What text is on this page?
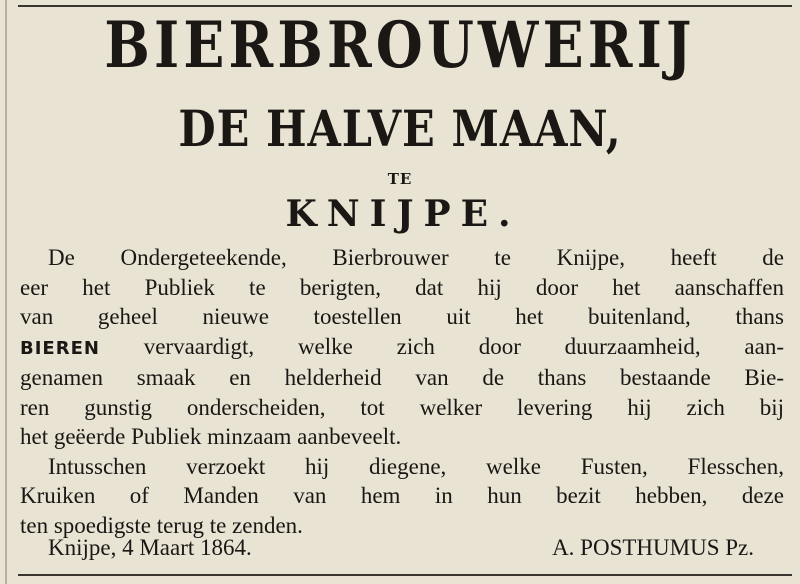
BIERBROUWERIJ
DE HALVE MAAN,
TE
KNIJPE.
De Ondergeteekende, Bierbrouwer te Knijpe, heeft de
eer het Publiek te berigten, dat hij door het aanschaffen
van geheel nieuwe toestellen uit het buitenland, thans
BIEREN vervaardigt, welke zich door duurzaamheid, aan-
genamen smaak en helderheid van de thans bestaande Bie-
ren gunstig onderscheiden, tot welker levering hij zich bij
het geëerde Publiek minzaam aanbeveelt.
Intusschen verzoekt hij diegene, welke Fusten, Flesschen,
Kruiken of Manden van hem in hun bezit hebben, deze
ten spoedigste terug te zenden.
Knijpe, 4 Maart 1864.	A. POSTHUMUS Pz.
